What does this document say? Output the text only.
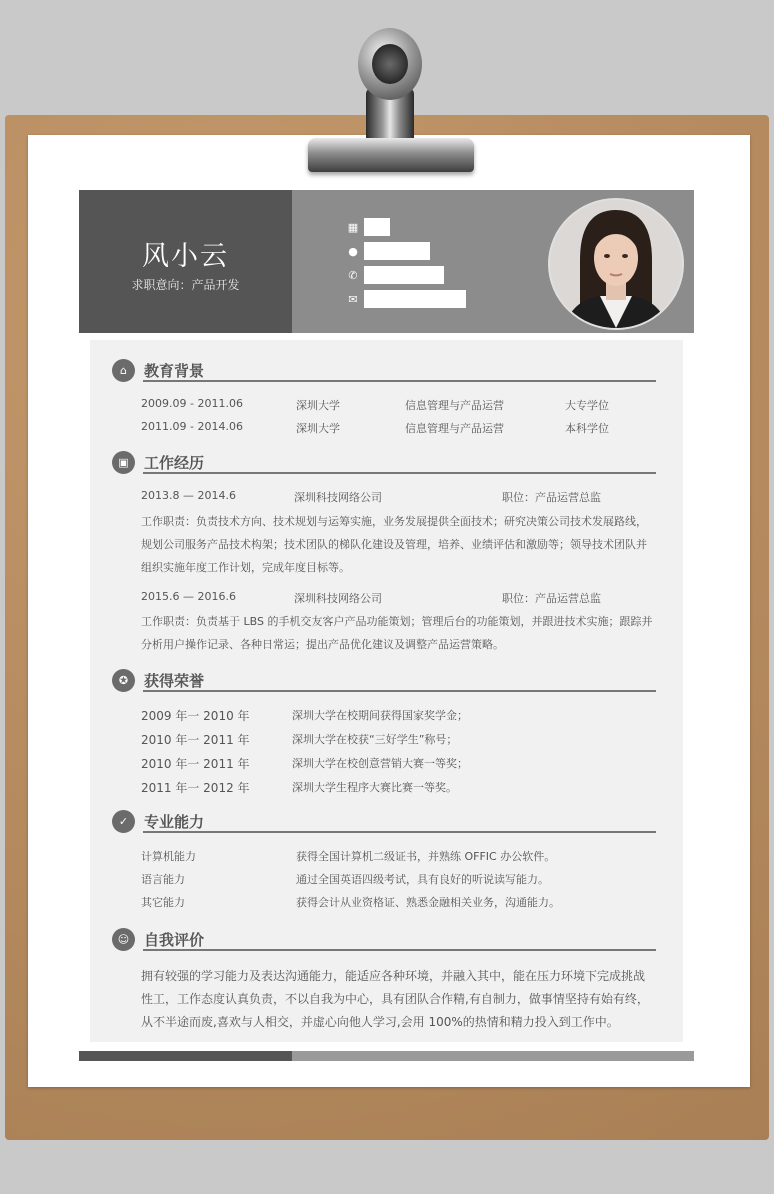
风小云
求职意向：产品开发
▦
●
✆
✉
⌂	教育背景
2009.09 - 2011.06	深圳大学	信息管理与产品运营	大专学位
2011.09 - 2014.06	深圳大学	信息管理与产品运营	本科学位
▣	工作经历
2013.8 — 2014.6	深圳科技网络公司	职位：产品运营总监
工作职责：负责技术方向、技术规划与运筹实施，业务发展提供全面技术；研究决策公司技术发展路线，
规划公司服务产品技术构架；技术团队的梯队化建设及管理，培养、业绩评估和激励等；领导技术团队并
组织实施年度工作计划，完成年度目标等。
2015.6 — 2016.6	深圳科技网络公司	职位：产品运营总监
工作职责：负责基于 LBS 的手机交友客户产品功能策划；管理后台的功能策划，并跟进技术实施；跟踪并
分析用户操作记录、各种日常运；提出产品优化建议及调整产品运营策略。
✪	获得荣誉
2009 年一 2010 年	深圳大学在校期间获得国家奖学金；
2010 年一 2011 年	深圳大学在校获“三好学生”称号；
2010 年一 2011 年	深圳大学在校创意营销大赛一等奖；
2011 年一 2012 年	深圳大学生程序大赛比赛一等奖。
✓	专业能力
计算机能力	获得全国计算机二级证书，并熟练 OFFIC 办公软件。
语言能力	通过全国英语四级考试，具有良好的听说读写能力。
其它能力	获得会计从业资格证、熟悉金融相关业务，沟通能力。
☺ 自我评价
拥有较强的学习能力及表达沟通能力，能适应各种环境，并融入其中，能在压力环境下完成挑战
性工，工作态度认真负责，不以自我为中心，具有团队合作精,有自制力，做事情坚持有始有终，
从不半途而废,喜欢与人相交，并虚心向他人学习,会用 100%的热情和精力投入到工作中。
